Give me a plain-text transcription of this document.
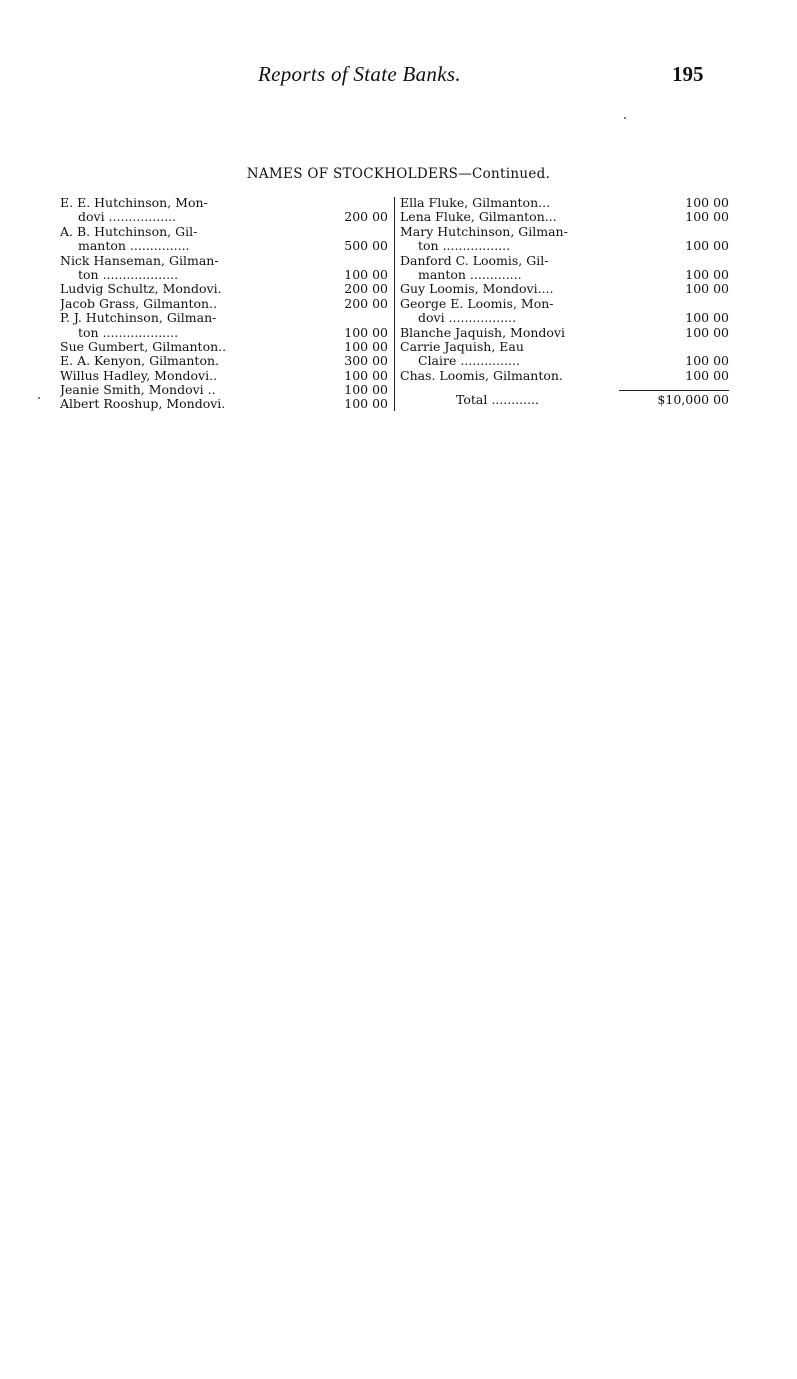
Reports of State Banks.	195
NAMES OF STOCKHOLDERS—Continued.
E. E. Hutchinson, Mon-
dovi .................	200 00
A. B. Hutchinson, Gil-
manton ...............	500 00
Nick Hanseman, Gilman-
ton ...................	100 00
Ludvig Schultz, Mondovi.	200 00
Jacob Grass, Gilmanton..	200 00
P. J. Hutchinson, Gilman-
ton ...................	100 00
Sue Gumbert, Gilmanton..	100 00
E. A. Kenyon, Gilmanton.	300 00
Willus Hadley, Mondovi..	100 00
Jeanie Smith, Mondovi ..	100 00
Albert Rooshup, Mondovi.	100 00
Ella Fluke, Gilmanton...	100 00
Lena Fluke, Gilmanton...	100 00
Mary Hutchinson, Gilman-
ton .................	100 00
Danford C. Loomis, Gil-
manton .............	100 00
Guy Loomis, Mondovi....	100 00
George E. Loomis, Mon-
dovi .................	100 00
Blanche Jaquish, Mondovi	100 00
Carrie Jaquish, Eau
Claire ...............	100 00
Chas. Loomis, Gilmanton.	100 00
Total ............	$10,000 00
